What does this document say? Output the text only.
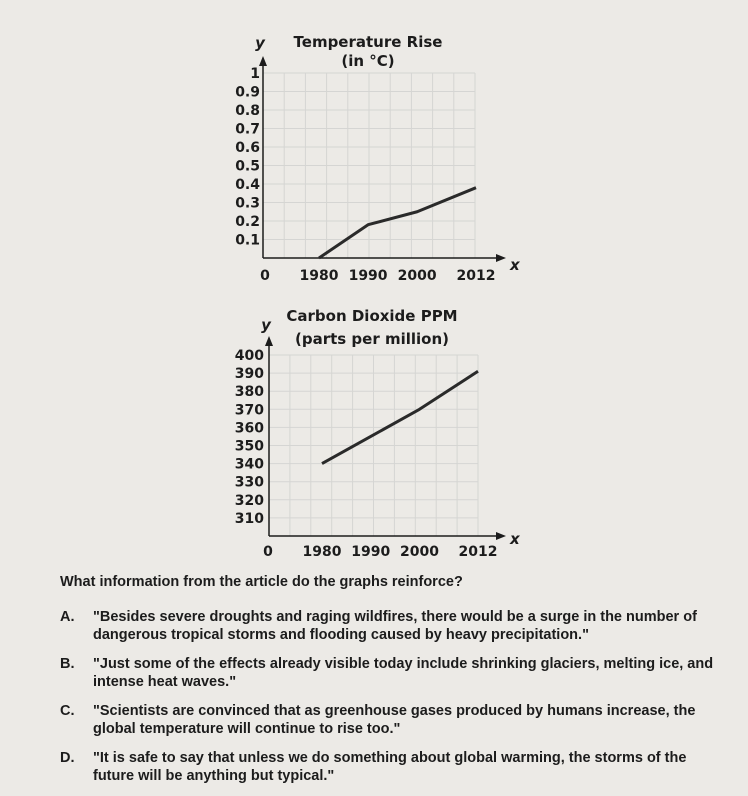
y Temperature Rise
(in °C)
x
0
0.1
0.2
0.3
0.4
0.5
0.6
0.7
0.8
0.9
1
1980 1990 2000 2012
y Carbon Dioxide PPM
(parts per million)
x
0
310
320
330
340
350
360
370
380
390
400
1980 1990 2000 2012

What information from the article do the graphs reinforce?

A.	"Besides severe droughts and raging wildfires, there would be a surge in the number of dangerous tropical storms and flooding caused by heavy precipitation."
B.	"Just some of the effects already visible today include shrinking glaciers, melting ice, and intense heat waves."
C.	"Scientists are convinced that as greenhouse gases produced by humans increase, the global temperature will continue to rise too."
D.	"It is safe to say that unless we do something about global warming, the storms of the future will be anything but typical."
